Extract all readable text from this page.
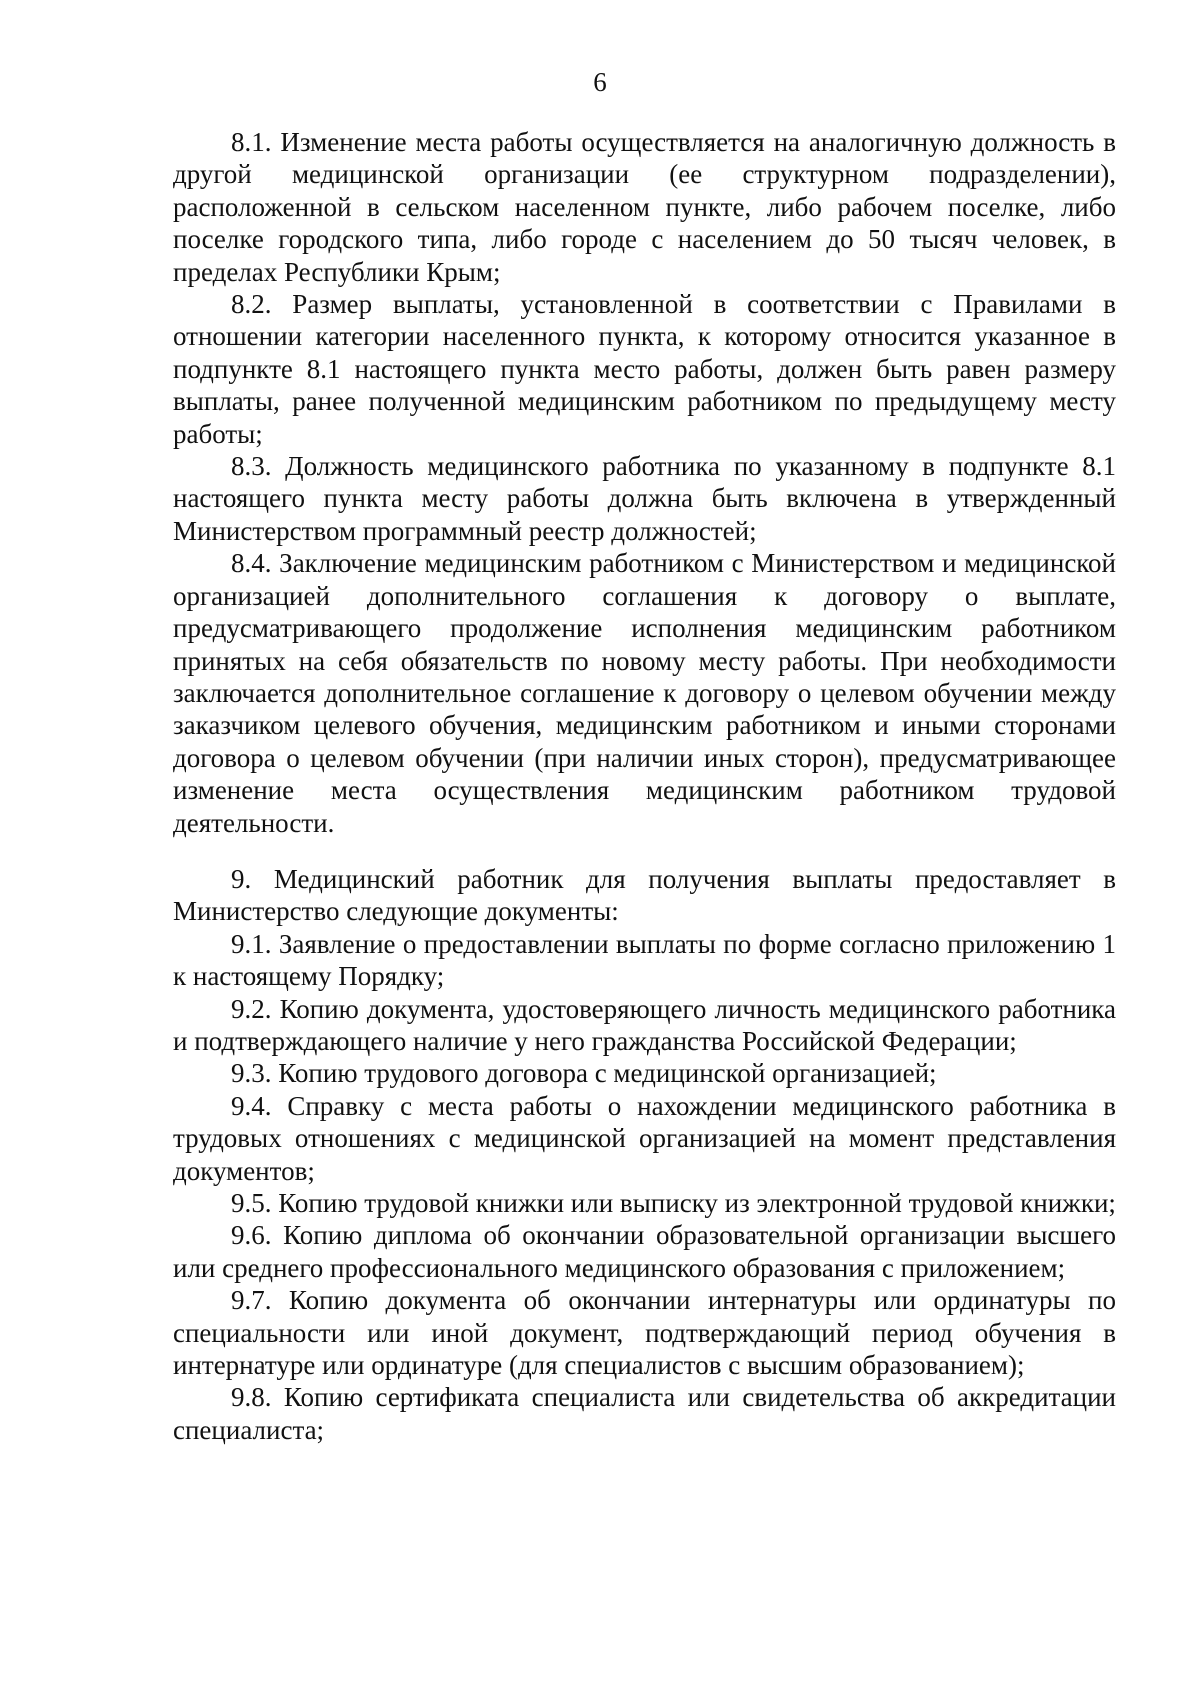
6

8.1. Изменение места работы осуществляется на аналогичную должность в другой медицинской организации (ее структурном подразделении), расположенной в сельском населенном пункте, либо рабочем поселке, либо поселке городского типа, либо городе с населением до 50 тысяч человек, в пределах Республики Крым;

8.2. Размер выплаты, установленной в соответствии с Правилами в отношении категории населенного пункта, к которому относится указанное в подпункте 8.1 настоящего пункта место работы, должен быть равен размеру выплаты, ранее полученной медицинским работником по предыдущему месту работы;

8.3. Должность медицинского работника по указанному в подпункте 8.1 настоящего пункта месту работы должна быть включена в утвержденный Министерством программный реестр должностей;

8.4. Заключение медицинским работником с Министерством и медицинской организацией дополнительного соглашения к договору о выплате, предусматривающего продолжение исполнения медицинским работником принятых на себя обязательств по новому месту работы. При необходимости заключается дополнительное соглашение к договору о целевом обучении между заказчиком целевого обучения, медицинским работником и иными сторонами договора о целевом обучении (при наличии иных сторон), предусматривающее изменение места осуществления медицинским работником трудовой деятельности.

9. Медицинский работник для получения выплаты предоставляет в Министерство следующие документы:

9.1. Заявление о предоставлении выплаты по форме согласно приложению 1 к настоящему Порядку;

9.2. Копию документа, удостоверяющего личность медицинского работника и подтверждающего наличие у него гражданства Российской Федерации;

9.3. Копию трудового договора с медицинской организацией;

9.4. Справку с места работы о нахождении медицинского работника в трудовых отношениях с медицинской организацией на момент представления документов;

9.5. Копию трудовой книжки или выписку из электронной трудовой книжки;

9.6. Копию диплома об окончании образовательной организации высшего или среднего профессионального медицинского образования с приложением;

9.7. Копию документа об окончании интернатуры или ординатуры по специальности или иной документ, подтверждающий период обучения в интернатуре или ординатуре (для специалистов с высшим образованием);

9.8. Копию сертификата специалиста или свидетельства об аккредитации специалиста;
